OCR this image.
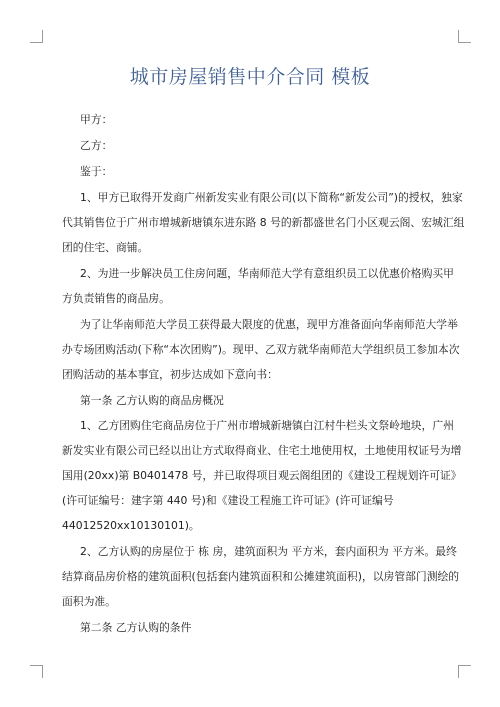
城市房屋销售中介合同 模板
甲方：
乙方：
鉴于：
1、甲方已取得开发商广州新发实业有限公司(以下简称“新发公司”)的授权，独家
代其销售位于广州市增城新塘镇东进东路 8 号的新都盛世名门小区观云阁、宏城汇组
团的住宅、商铺。
2、为进一步解决员工住房问题，华南师范大学有意组织员工以优惠价格购买甲
方负责销售的商品房。
为了让华南师范大学员工获得最大限度的优惠，现甲方准备面向华南师范大学举
办专场团购活动(下称“本次团购”)。现甲、乙双方就华南师范大学组织员工参加本次
团购活动的基本事宜，初步达成如下意向书：
第一条 乙方认购的商品房概况
1、乙方团购住宅商品房位于广州市增城新塘镇白江村牛栏头文祭岭地块，广州
新发实业有限公司已经以出让方式取得商业、住宅土地使用权，土地使用权证号为增
国用(20xx)第 B0401478 号，并已取得项目观云阁组团的《建设工程规划许可证》
(许可证编号：建字第 440 号)和《建设工程施工许可证》(许可证编号
44012520xx10130101)。
2、乙方认购的房屋位于 栋 房，建筑面积为 平方米，套内面积为 平方米。最终
结算商品房价格的建筑面积(包括套内建筑面积和公摊建筑面积)，以房管部门测绘的
面积为准。
第二条 乙方认购的条件
